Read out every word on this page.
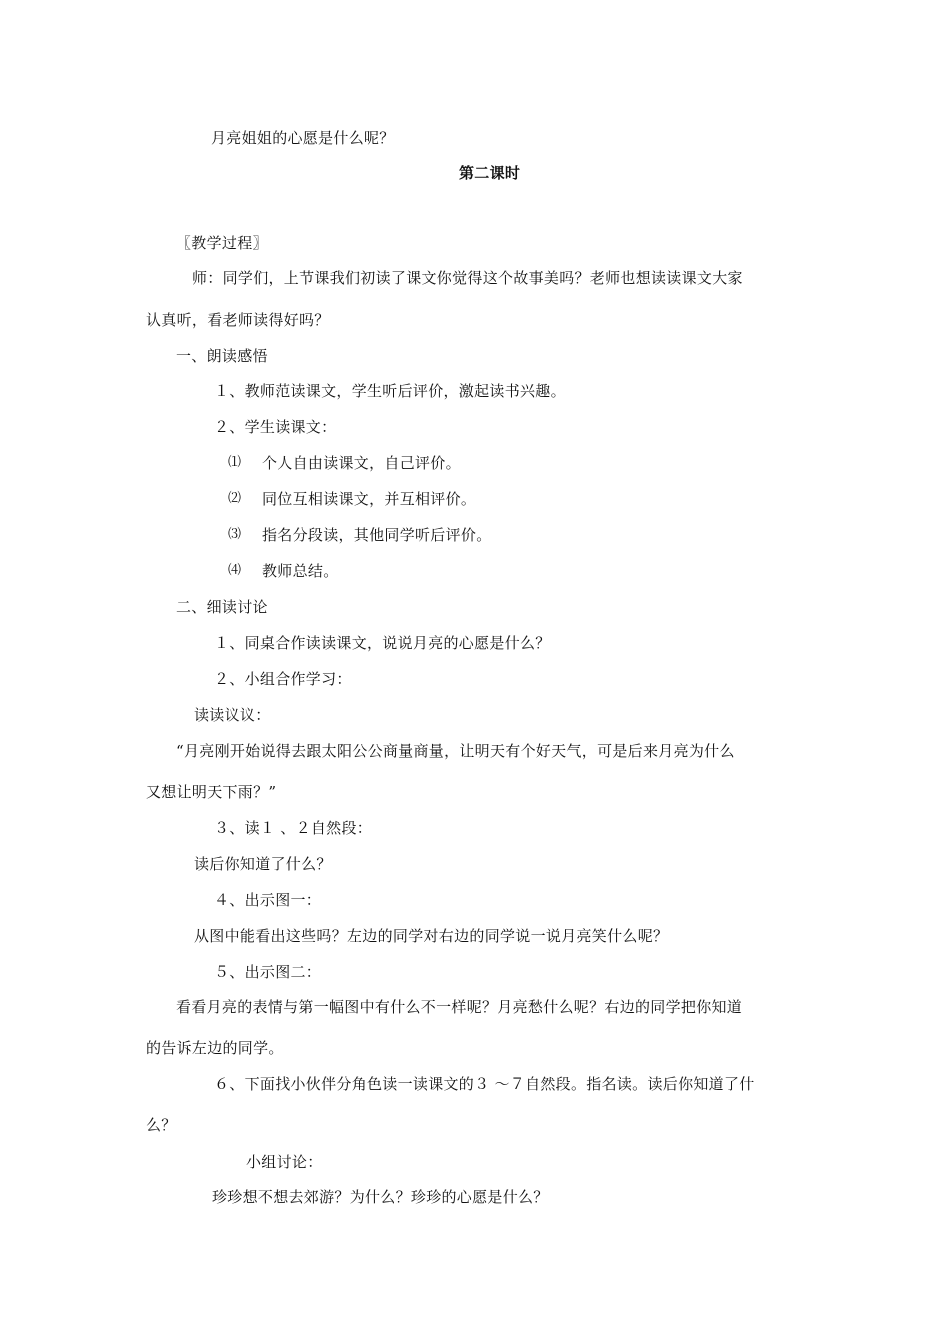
月亮姐姐的心愿是什么呢？

第二课时

〖教学过程〗

师：同学们，上节课我们初读了课文你觉得这个故事美吗？老师也想读读课文大家

认真听，看老师读得好吗？

一、朗读感悟

１、教师范读课文，学生听后评价，激起读书兴趣。

２、学生读课文：

⑴ 个人自由读课文，自己评价。

⑵ 同位互相读课文，并互相评价。

⑶ 指名分段读，其他同学听后评价。

⑷ 教师总结。

二、细读讨论

１、同桌合作读读课文，说说月亮的心愿是什么？

２、小组合作学习：

读读议议：

“月亮刚开始说得去跟太阳公公商量商量，让明天有个好天气，可是后来月亮为什么

又想让明天下雨？”

３、读１ 、２自然段：

读后你知道了什么？

４、出示图一：

从图中能看出这些吗？左边的同学对右边的同学说一说月亮笑什么呢？

５、出示图二：

看看月亮的表情与第一幅图中有什么不一样呢？月亮愁什么呢？右边的同学把你知道

的告诉左边的同学。

６、下面找小伙伴分角色读一读课文的３ ～７自然段。指名读。读后你知道了什

么？

小组讨论：

珍珍想不想去郊游？为什么？珍珍的心愿是什么？
